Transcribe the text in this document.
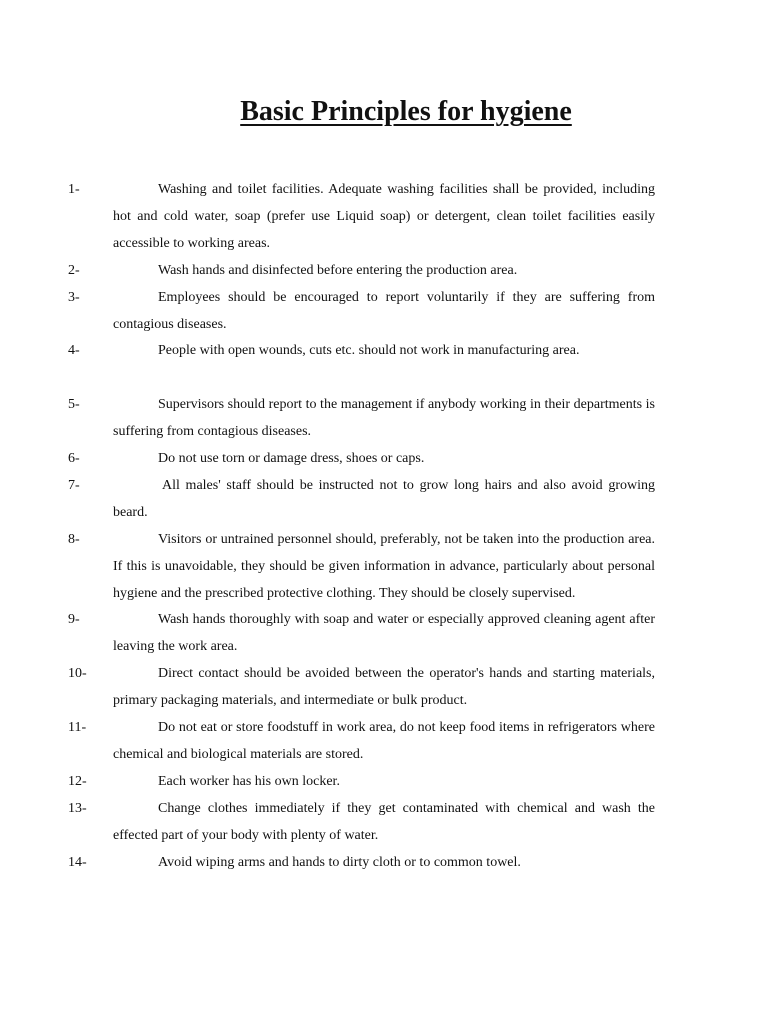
Basic Principles for hygiene
1-	Washing and toilet facilities. Adequate washing facilities shall be provided, including hot and cold water, soap (prefer use Liquid soap) or detergent, clean toilet facilities easily accessible to working areas.
2-	Wash hands and disinfected before entering the production area.
3-	Employees should be encouraged to report voluntarily if they are suffering from contagious diseases.
4-	People with open wounds, cuts etc. should not work in manufacturing area.
5-	Supervisors should report to the management if anybody working in their departments is suffering from contagious diseases.
6-	Do not use torn or damage dress, shoes or caps.
7-	All males' staff should be instructed not to grow long hairs and also avoid growing beard.
8-	Visitors or untrained personnel should, preferably, not be taken into the production area. If this is unavoidable, they should be given information in advance, particularly about personal hygiene and the prescribed protective clothing. They should be closely supervised.
9-	Wash hands thoroughly with soap and water or especially approved cleaning agent after leaving the work area.
10-	Direct contact should be avoided between the operator's hands and starting materials, primary packaging materials, and intermediate or bulk product.
11-	Do not eat or store foodstuff in work area, do not keep food items in refrigerators where chemical and biological materials are stored.
12-	Each worker has his own locker.
13-	Change clothes immediately if they get contaminated with chemical and wash the effected part of your body with plenty of water.
14-	Avoid wiping arms and hands to dirty cloth or to common towel.
